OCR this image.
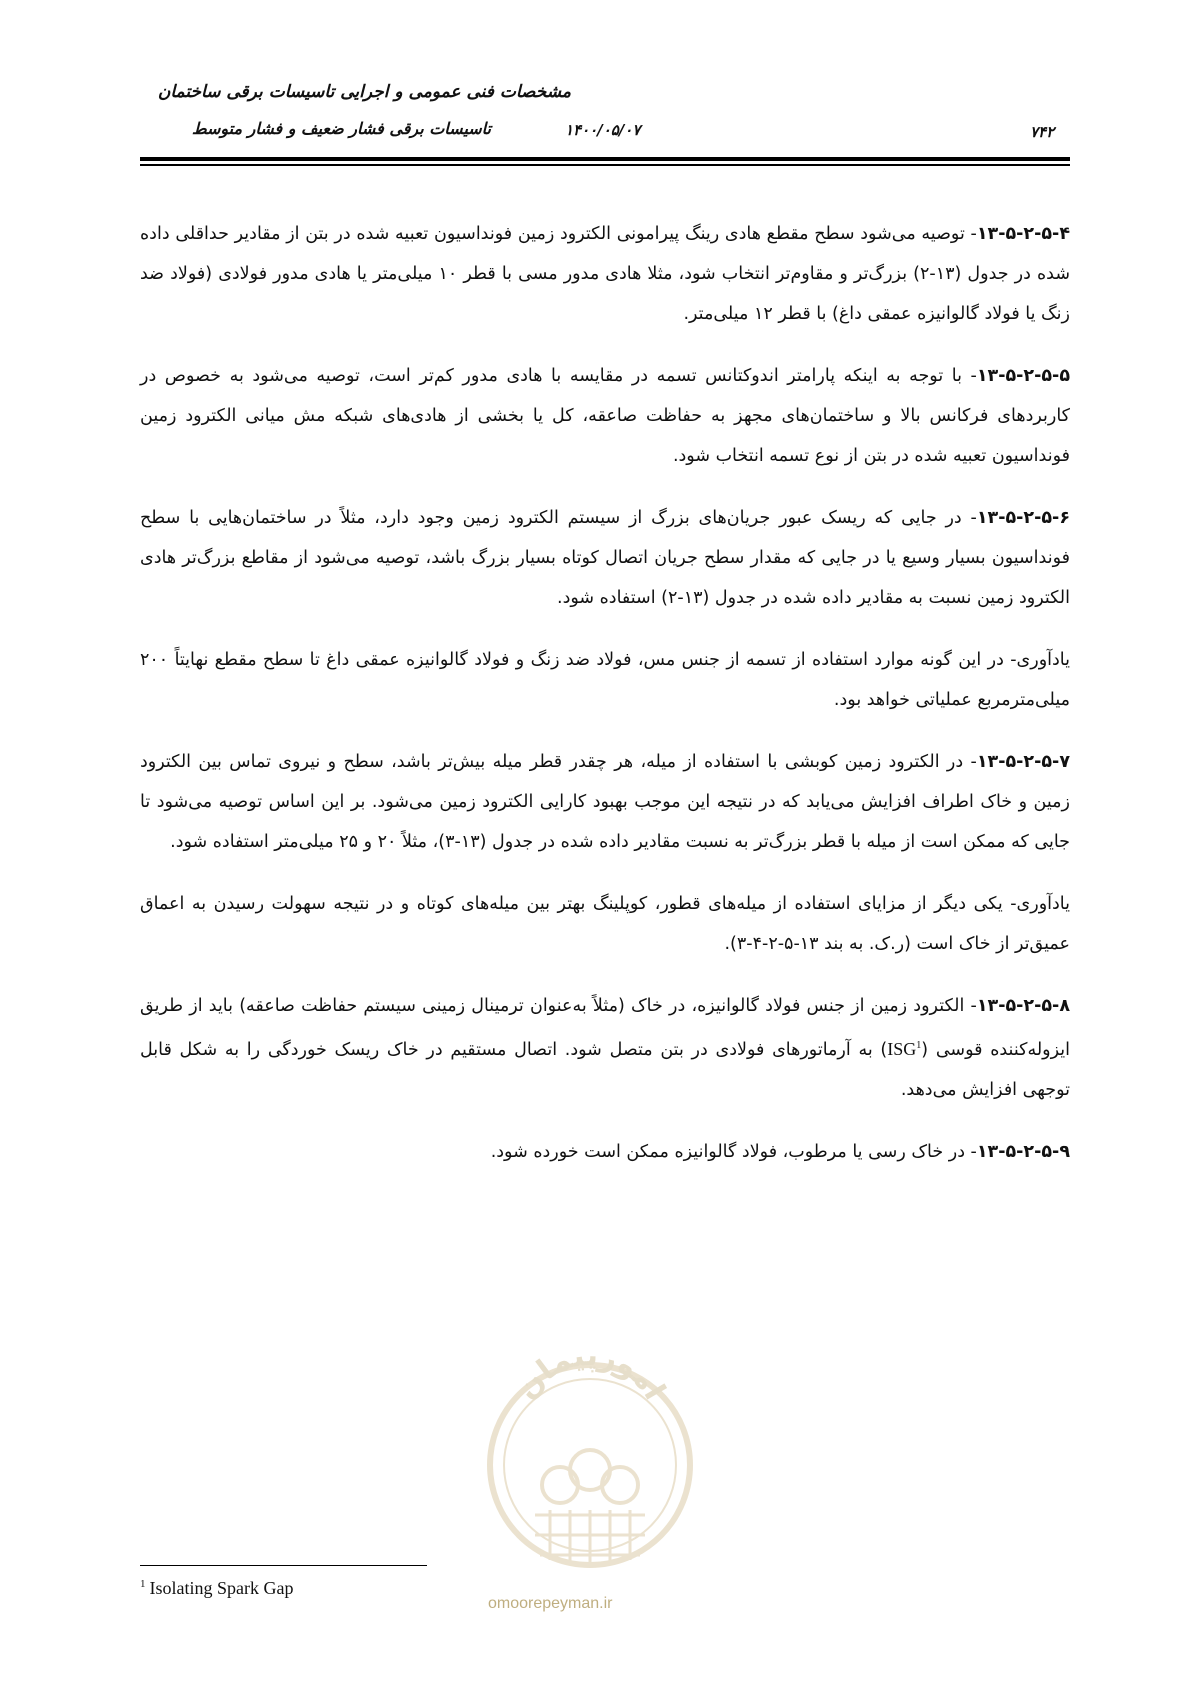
مشخصات فنی عمومی و اجرایی تاسیسات برقی ساختمان
تاسیسات برقی فشار ضعیف و فشار متوسط	۱۴۰۰/۰۵/۰۷	۷۴۲

۱۳-۵-۲-۵-۴- توصیه می‌شود سطح مقطع هادی رینگ پیرامونی الکترود زمین فونداسیون تعبیه شده در بتن از مقادیر حداقلی داده شده در جدول (۱۳-۲) بزرگ‌تر و مقاوم‌تر انتخاب شود، مثلا هادی مدور مسی با قطر ۱۰ میلی‌متر یا هادی مدور فولادی (فولاد ضد زنگ یا فولاد گالوانیزه عمقی داغ) با قطر ۱۲ میلی‌متر.

۱۳-۵-۲-۵-۵- با توجه به اینکه پارامتر اندوکتانس تسمه در مقایسه با هادی مدور کم‌تر است، توصیه می‌شود به خصوص در کاربردهای فرکانس بالا و ساختمان‌های مجهز به حفاظت صاعقه، کل یا بخشی از هادی‌های شبکه مش میانی الکترود زمین فونداسیون تعبیه شده در بتن از نوع تسمه انتخاب شود.

۱۳-۵-۲-۵-۶- در جایی که ریسک عبور جریان‌های بزرگ از سیستم الکترود زمین وجود دارد، مثلاً در ساختمان‌هایی با سطح فونداسیون بسیار وسیع یا در جایی که مقدار سطح جریان اتصال کوتاه بسیار بزرگ باشد، توصیه می‌شود از مقاطع بزرگ‌تر هادی الکترود زمین نسبت به مقادیر داده شده در جدول (۱۳-۲) استفاده شود.

یادآوری- در این گونه موارد استفاده از تسمه از جنس مس، فولاد ضد زنگ و فولاد گالوانیزه عمقی داغ تا سطح مقطع نهایتاً ۲۰۰ میلی‌مترمربع عملیاتی خواهد بود.

۱۳-۵-۲-۵-۷- در الکترود زمین کوبشی با استفاده از میله، هر چقدر قطر میله بیش‌تر باشد، سطح و نیروی تماس بین الکترود زمین و خاک اطراف افزایش می‌یابد که در نتیجه این موجب بهبود کارایی الکترود زمین می‌شود. بر این اساس توصیه می‌شود تا جایی که ممکن است از میله با قطر بزرگ‌تر به نسبت مقادیر داده شده در جدول (۱۳-۳)، مثلاً ۲۰ و ۲۵ میلی‌متر استفاده شود.

یادآوری- یکی دیگر از مزایای استفاده از میله‌های قطور، کوپلینگ بهتر بین میله‌های کوتاه و در نتیجه سهولت رسیدن به اعماق عمیق‌تر از خاک است (ر.ک. به بند ۱۳-۵-۲-۴-۳).

۱۳-۵-۲-۵-۸- الکترود زمین از جنس فولاد گالوانیزه، در خاک (مثلاً به‌عنوان ترمینال زمینی سیستم حفاظت صاعقه) باید از طریق ایزوله‌کننده قوسی (ISG$^1$) به آرماتورهای فولادی در بتن متصل شود. اتصال مستقیم در خاک ریسک خوردگی را به شکل قابل توجهی افزایش می‌دهد.

۱۳-۵-۲-۵-۹- در خاک رسی یا مرطوب، فولاد گالوانیزه ممکن است خورده شود.

امورپیمان
omoorepeyman.ir
$^1$ Isolating Spark Gap
